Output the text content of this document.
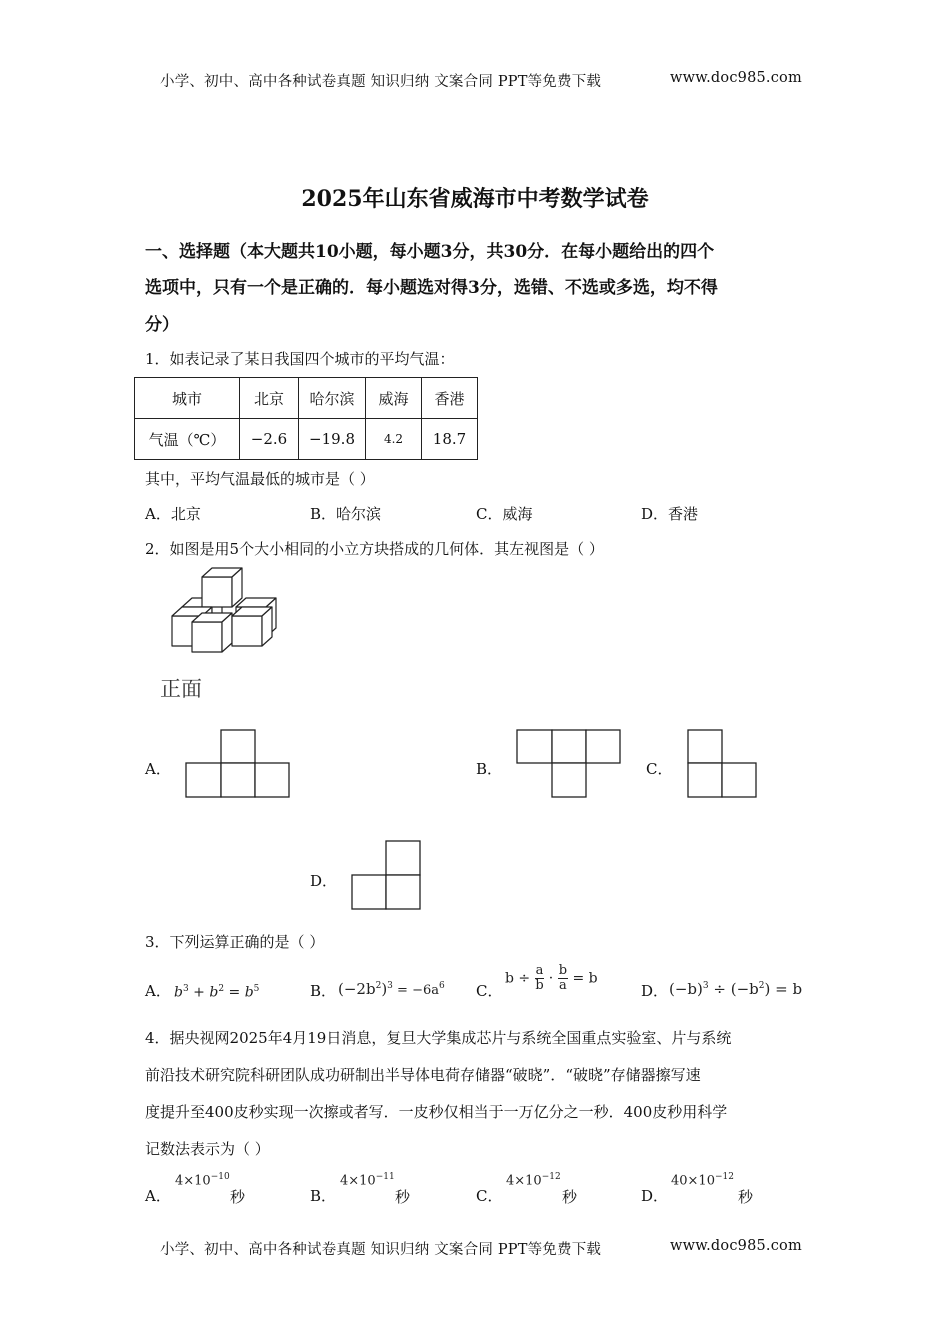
小学、初中、高中各种试卷真题 知识归纳 文案合同 PPT等免费下载	www.doc985.com
2025年山东省威海市中考数学试卷
一、选择题（本大题共10小题，每小题3分，共30分．在每小题给出的四个
选项中，只有一个是正确的．每小题选对得3分，选错、不选或多选，均不得
分）
1．如表记录了某日我国四个城市的平均气温：
城市	北京	哈尔滨	威海	香港
气温（℃）	−2.6	−19.8	4.2	18.7
其中，平均气温最低的城市是（ ）
A．北京	B．哈尔滨	C．威海	D．香港
2．如图是用5个大小相同的小立方块搭成的几何体．其左视图是（ ）
正面
A．	B．	C．
D．
3．下列运算正确的是（ ）
A． $b^3 + b^2 = b^5$	B． $(-2b^2)^3 = -6a^6$ C．
$b \div \frac{a}{b} \cdot \frac{b}{a} = b$
D． $(-b)^3 \div (-b^2) = b$
4．据央视网2025年4月19日消息，复旦大学集成芯片与系统全国重点实验室、片与系统
前沿技术研究院科研团队成功研制出半导体电荷存储器“破晓”．“破晓”存储器擦写速
度提升至400皮秒实现一次擦或者写．一皮秒仅相当于一万亿分之一秒．400皮秒用科学
记数法表示为（ ）
A．
$4\times 10^{-10}$
秒	B．
$4\times 10^{-11}$
秒	C．
$4\times 10^{-12}$
秒	D．
$40\times 10^{-12}$
秒
小学、初中、高中各种试卷真题 知识归纳 文案合同 PPT等免费下载	www.doc985.com
